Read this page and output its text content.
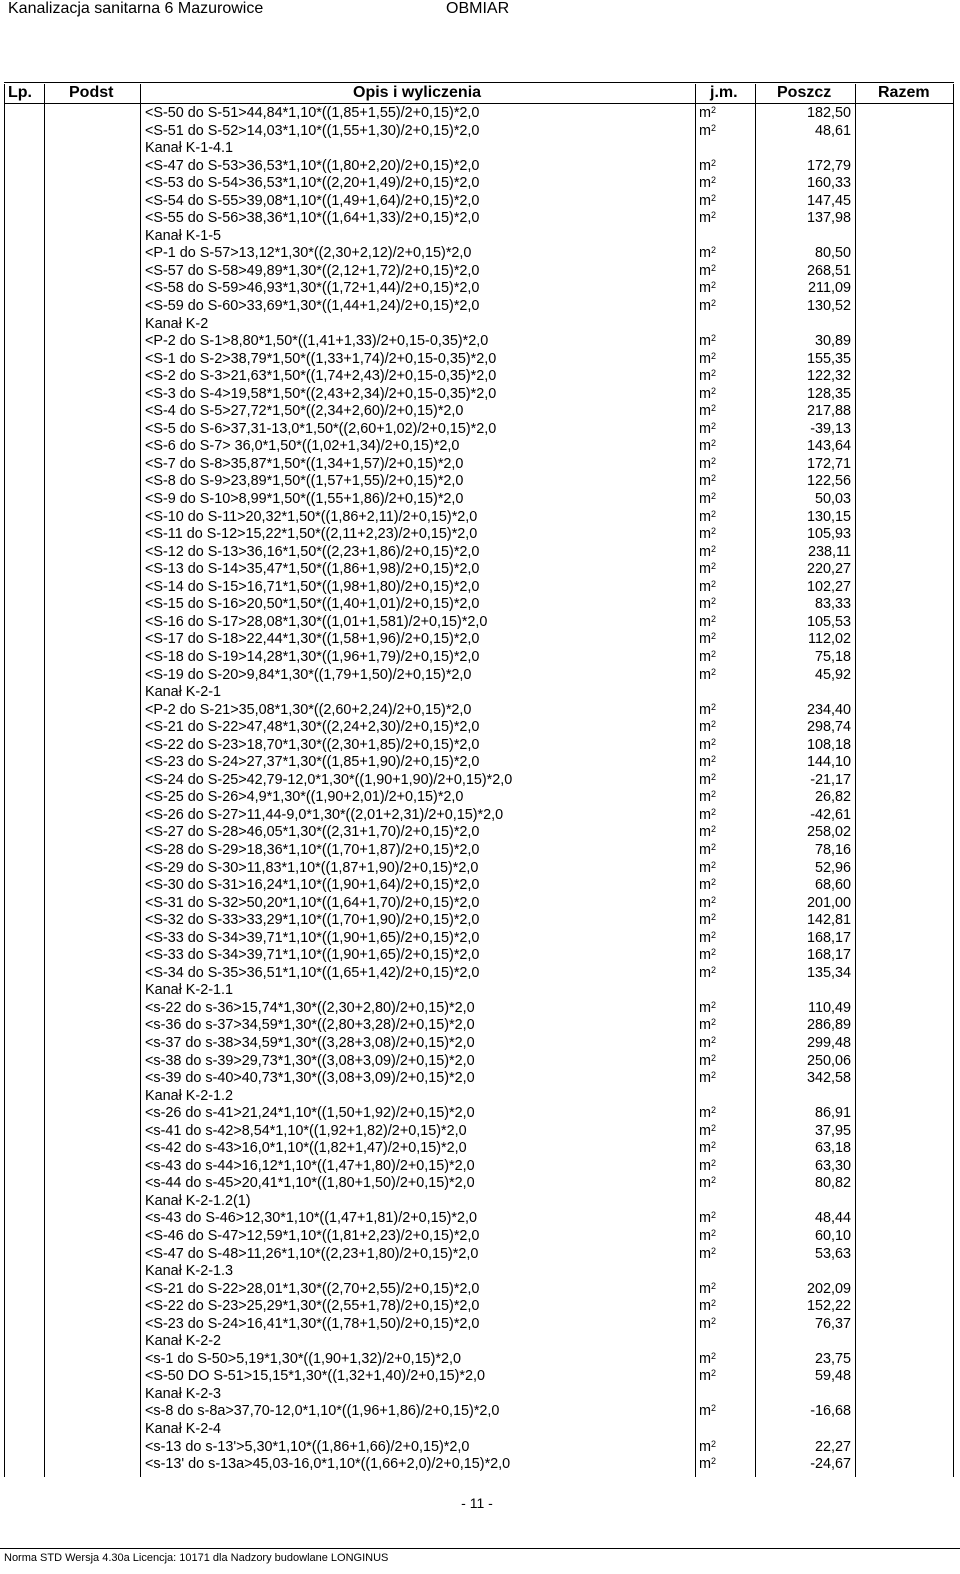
Kanalizacja sanitarna 6 Mazurowice	OBMIAR
Lp. Podst	Opis i wyliczenia	j.m. Poszcz	Razem
<S-50 do S-51>44,84*1,10*((1,85+1,55)/2+0,15)*2,0	$m^2$	182,50
<S-51 do S-52>14,03*1,10*((1,55+1,30)/2+0,15)*2,0	$m^2$	48,61
Kanał K-1-4.1
<S-47 do S-53>36,53*1,10*((1,80+2,20)/2+0,15)*2,0	$m^2$	172,79
<S-53 do S-54>36,53*1,10*((2,20+1,49)/2+0,15)*2,0	$m^2$	160,33
<S-54 do S-55>39,08*1,10*((1,49+1,64)/2+0,15)*2,0	$m^2$	147,45
<S-55 do S-56>38,36*1,10*((1,64+1,33)/2+0,15)*2,0	$m^2$	137,98
Kanał K-1-5
<P-1 do S-57>13,12*1,30*((2,30+2,12)/2+0,15)*2,0	$m^2$	80,50
<S-57 do S-58>49,89*1,30*((2,12+1,72)/2+0,15)*2,0	$m^2$	268,51
<S-58 do S-59>46,93*1,30*((1,72+1,44)/2+0,15)*2,0	$m^2$	211,09
<S-59 do S-60>33,69*1,30*((1,44+1,24)/2+0,15)*2,0	$m^2$	130,52
Kanał K-2
<P-2 do S-1>8,80*1,50*((1,41+1,33)/2+0,15-0,35)*2,0	$m^2$	30,89
<S-1 do S-2>38,79*1,50*((1,33+1,74)/2+0,15-0,35)*2,0	$m^2$	155,35
<S-2 do S-3>21,63*1,50*((1,74+2,43)/2+0,15-0,35)*2,0	$m^2$	122,32
<S-3 do S-4>19,58*1,50*((2,43+2,34)/2+0,15-0,35)*2,0	$m^2$	128,35
<S-4 do S-5>27,72*1,50*((2,34+2,60)/2+0,15)*2,0	$m^2$	217,88
<S-5 do S-6>37,31-13,0*1,50*((2,60+1,02)/2+0,15)*2,0	$m^2$	-39,13
<S-6 do S-7> 36,0*1,50*((1,02+1,34)/2+0,15)*2,0	$m^2$	143,64
<S-7 do S-8>35,87*1,50*((1,34+1,57)/2+0,15)*2,0	$m^2$	172,71
<S-8 do S-9>23,89*1,50*((1,57+1,55)/2+0,15)*2,0	$m^2$	122,56
<S-9 do S-10>8,99*1,50*((1,55+1,86)/2+0,15)*2,0	$m^2$	50,03
<S-10 do S-11>20,32*1,50*((1,86+2,11)/2+0,15)*2,0	$m^2$	130,15
<S-11 do S-12>15,22*1,50*((2,11+2,23)/2+0,15)*2,0	$m^2$	105,93
<S-12 do S-13>36,16*1,50*((2,23+1,86)/2+0,15)*2,0	$m^2$	238,11
<S-13 do S-14>35,47*1,50*((1,86+1,98)/2+0,15)*2,0	$m^2$	220,27
<S-14 do S-15>16,71*1,50*((1,98+1,80)/2+0,15)*2,0	$m^2$	102,27
<S-15 do S-16>20,50*1,50*((1,40+1,01)/2+0,15)*2,0	$m^2$	83,33
<S-16 do S-17>28,08*1,30*((1,01+1,581)/2+0,15)*2,0	$m^2$	105,53
<S-17 do S-18>22,44*1,30*((1,58+1,96)/2+0,15)*2,0	$m^2$	112,02
<S-18 do S-19>14,28*1,30*((1,96+1,79)/2+0,15)*2,0	$m^2$	75,18
<S-19 do S-20>9,84*1,30*((1,79+1,50)/2+0,15)*2,0	$m^2$	45,92
Kanał K-2-1
<P-2 do S-21>35,08*1,30*((2,60+2,24)/2+0,15)*2,0	$m^2$	234,40
<S-21 do S-22>47,48*1,30*((2,24+2,30)/2+0,15)*2,0	$m^2$	298,74
<S-22 do S-23>18,70*1,30*((2,30+1,85)/2+0,15)*2,0	$m^2$	108,18
<S-23 do S-24>27,37*1,30*((1,85+1,90)/2+0,15)*2,0	$m^2$	144,10
<S-24 do S-25>42,79-12,0*1,30*((1,90+1,90)/2+0,15)*2,0	$m^2$	-21,17
<S-25 do S-26>4,9*1,30*((1,90+2,01)/2+0,15)*2,0	$m^2$	26,82
<S-26 do S-27>11,44-9,0*1,30*((2,01+2,31)/2+0,15)*2,0	$m^2$	-42,61
<S-27 do S-28>46,05*1,30*((2,31+1,70)/2+0,15)*2,0	$m^2$	258,02
<S-28 do S-29>18,36*1,10*((1,70+1,87)/2+0,15)*2,0	$m^2$	78,16
<S-29 do S-30>11,83*1,10*((1,87+1,90)/2+0,15)*2,0	$m^2$	52,96
<S-30 do S-31>16,24*1,10*((1,90+1,64)/2+0,15)*2,0	$m^2$	68,60
<S-31 do S-32>50,20*1,10*((1,64+1,70)/2+0,15)*2,0	$m^2$	201,00
<S-32 do S-33>33,29*1,10*((1,70+1,90)/2+0,15)*2,0	$m^2$	142,81
<S-33 do S-34>39,71*1,10*((1,90+1,65)/2+0,15)*2,0	$m^2$	168,17
<S-33 do S-34>39,71*1,10*((1,90+1,65)/2+0,15)*2,0	$m^2$	168,17
<S-34 do S-35>36,51*1,10*((1,65+1,42)/2+0,15)*2,0	$m^2$	135,34
Kanał K-2-1.1
<s-22 do s-36>15,74*1,30*((2,30+2,80)/2+0,15)*2,0	$m^2$	110,49
<s-36 do s-37>34,59*1,30*((2,80+3,28)/2+0,15)*2,0	$m^2$	286,89
<s-37 do s-38>34,59*1,30*((3,28+3,08)/2+0,15)*2,0	$m^2$	299,48
<s-38 do s-39>29,73*1,30*((3,08+3,09)/2+0,15)*2,0	$m^2$	250,06
<s-39 do s-40>40,73*1,30*((3,08+3,09)/2+0,15)*2,0	$m^2$	342,58
Kanał K-2-1.2
<s-26 do s-41>21,24*1,10*((1,50+1,92)/2+0,15)*2,0	$m^2$	86,91
<s-41 do s-42>8,54*1,10*((1,92+1,82)/2+0,15)*2,0	$m^2$	37,95
<s-42 do s-43>16,0*1,10*((1,82+1,47)/2+0,15)*2,0	$m^2$	63,18
<s-43 do s-44>16,12*1,10*((1,47+1,80)/2+0,15)*2,0	$m^2$	63,30
<s-44 do s-45>20,41*1,10*((1,80+1,50)/2+0,15)*2,0	$m^2$	80,82
Kanał K-2-1.2(1)
<s-43 do S-46>12,30*1,10*((1,47+1,81)/2+0,15)*2,0	$m^2$	48,44
<S-46 do S-47>12,59*1,10*((1,81+2,23)/2+0,15)*2,0	$m^2$	60,10
<S-47 do S-48>11,26*1,10*((2,23+1,80)/2+0,15)*2,0	$m^2$	53,63
Kanał K-2-1.3
<S-21 do S-22>28,01*1,30*((2,70+2,55)/2+0,15)*2,0	$m^2$	202,09
<S-22 do S-23>25,29*1,30*((2,55+1,78)/2+0,15)*2,0	$m^2$	152,22
<S-23 do S-24>16,41*1,30*((1,78+1,50)/2+0,15)*2,0	$m^2$	76,37
Kanał K-2-2
<s-1 do S-50>5,19*1,30*((1,90+1,32)/2+0,15)*2,0	$m^2$	23,75
<S-50 DO S-51>15,15*1,30*((1,32+1,40)/2+0,15)*2,0	$m^2$	59,48
Kanał K-2-3
<s-8 do s-8a>37,70-12,0*1,10*((1,96+1,86)/2+0,15)*2,0	$m^2$	-16,68
Kanał K-2-4
<s-13 do s-13'>5,30*1,10*((1,86+1,66)/2+0,15)*2,0	$m^2$	22,27
<s-13' do s-13a>45,03-16,0*1,10*((1,66+2,0)/2+0,15)*2,0	$m^2$	-24,67
- 11 -
Norma STD Wersja 4.30a Licencja: 10171 dla Nadzory budowlane LONGINUS
